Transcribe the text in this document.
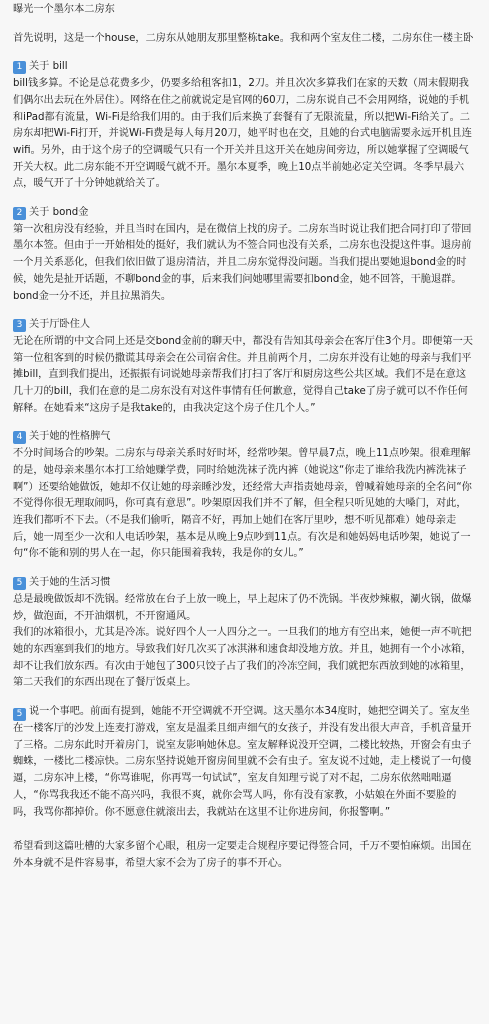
曝光一个墨尔本二房东
首先说明，这是一个house，二房东从她朋友那里整栋take。我和两个室友住二楼，二房东住一楼主卧
1 关于 bill
bill钱多算。不论是总花费多少，仍要多给租客扣1，2刀。并且次次多算我们在家的天数（周末假期我们偶尔出去玩在外居住）。网络在住之前就说定是官网的60刀，二房东说自己不会用网络，说她的手机和iPad都有流量，Wi-Fi是给我们用的。由于我们后来换了套餐有了无限流量，所以把Wi-Fi给关了。二房东却把Wi-Fi打开，并说Wi-Fi费是每人每月20刀，她平时也在交，且她的台式电脑需要永远开机且连wifi。另外，由于这个房子的空调暖气只有一个开关并且这开关在她房间旁边，所以她掌握了空调暖气开关大权。此二房东能不开空调暖气就不开。墨尔本夏季，晚上10点半前她必定关空调。冬季早晨六点，暖气开了十分钟她就给关了。
2 关于 bond金
第一次租房没有经验，并且当时在国内，是在微信上找的房子。二房东当时说让我们把合同打印了带回墨尔本签。但由于一开始相处的挺好，我们就认为不签合同也没有关系，二房东也没提这件事。退房前一个月关系恶化，但我们依旧做了退房清洁，并且二房东觉得没问题。当我们提出要她退bond金的时候，她先是扯开话题，不聊bond金的事，后来我们问她哪里需要扣bond金，她不回答，干脆退群。bond金一分不还，并且拉黑消失。
3 关于厅卧住人
无论在所谓的中文合同上还是交bond金前的聊天中，都没有告知其母亲会在客厅住3个月。即便第一天第一位租客到的时候仍撒谎其母亲会在公司宿舍住。并且前两个月，二房东并没有让她的母亲与我们平摊bill，直到我们提出，还振振有词说她母亲帮我们打扫了客厅和厨房这些公共区域。我们不是在意这几十刀的bill，我们在意的是二房东没有对这件事情有任何歉意，觉得自己take了房子就可以不作任何解释。在她看来“这房子是我take的，由我决定这个房子住几个人。”
4 关于她的性格脾气
不分时间场合的吵架。二房东与母亲关系时好时坏，经常吵架。曾早晨7点，晚上11点吵架。很难理解的是，她母亲来墨尔本打工给她赚学费，同时给她洗袜子洗内裤（她说这“你走了谁给我洗内裤洗袜子啊”）还要给她做饭，她却不仅让她的母亲睡沙发，还经常大声指责她母亲，曾喊着她母亲的全名问“你不觉得你很无理取闹吗，你可真有意思”。吵架原因我们并不了解，但全程只听见她的大嗓门，对此，连我们都听不下去。（不是我们偷听，隔音不好，再加上她们在客厅里吵，想不听见都难）她母亲走后，她一周至少一次和人电话吵架，基本是从晚上9点吵到11点。有次是和她妈妈电话吵架，她说了一句“你不能和别的男人在一起，你只能围着我转，我是你的女儿。”
5 关于她的生活习惯
总是最晚做饭却不洗锅。经常放在台子上放一晚上，早上起床了仍不洗锅。半夜炒辣椒，涮火锅，做爆炒，做泡面，不开油烟机，不开窗通风。
我们的冰箱很小，尤其是冷冻。说好四个人一人四分之一。一旦我们的地方有空出来，她便一声不吭把她的东西塞到我们的地方。导致我们好几次买了冰淇淋和速食却没地方放。并且，她拥有一个小冰箱，却不让我们放东西。有次由于她包了300只饺子占了我们的冷冻空间，我们就把东西放到她的冰箱里，第二天我们的东西出现在了餐厅饭桌上。
5 说一个事吧。前面有提到，她能不开空调就不开空调。这天墨尔本34度时，她把空调关了。室友坐在一楼客厅的沙发上连麦打游戏，室友是温柔且细声细气的女孩子，并没有发出很大声音，手机音量开了三格。二房东此时开着房门，说室友影响她休息。室友解释说没开空调，二楼比较热，开窗会有虫子蜘蛛，一楼比二楼凉快。二房东坚持说她开窗房间里就不会有虫子。室友说不过她，走上楼说了一句傻逼，二房东冲上楼，“你骂谁呢，你再骂一句试试”，室友自知理亏说了对不起，二房东依然咄咄逼人，“你骂我我还不能不高兴吗，我很不爽，就你会骂人吗，你有没有家教，小姑娘在外面不要脸的吗，我骂你都掉价。你不愿意住就滚出去，我就站在这里不让你进房间，你报警啊。”
希望看到这篇吐槽的大家多留个心眼，租房一定要走合规程序要记得签合同，千万不要怕麻烦。出国在外本身就不是件容易事，希望大家不会为了房子的事不开心。
